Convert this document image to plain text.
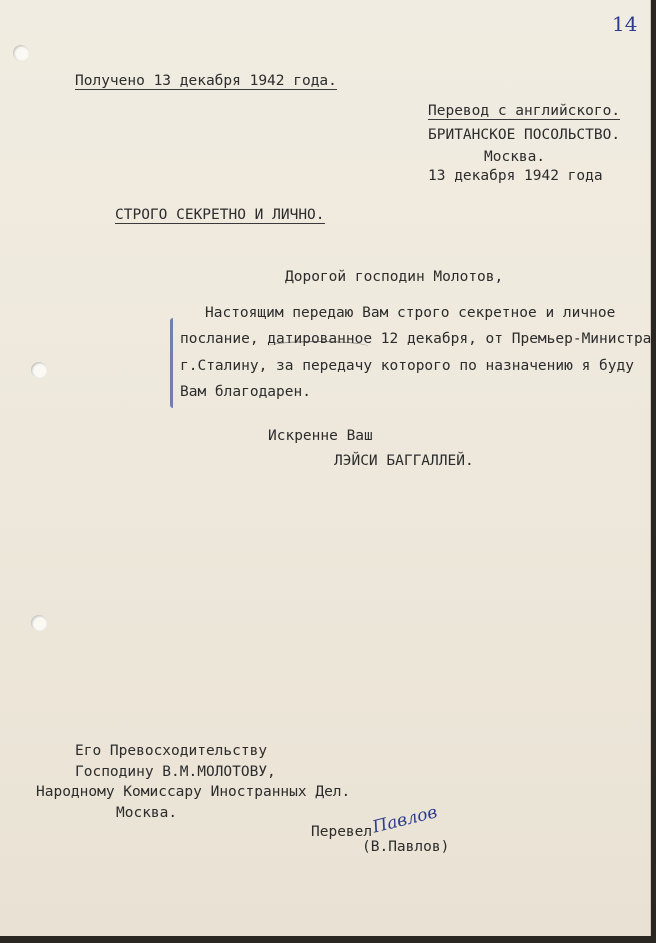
14
Получено 13 декабря 1942 года.
Перевод с английского.
БРИТАНСКОЕ ПОСОЛЬСТВО.
Москва.
13 декабря 1942 года
СТРОГО СЕКРЕТНО И ЛИЧНО.
Дорогой господин Молотов,
Настоящим передаю Вам строго секретное и личное
послание, датированное 12 декабря, от Премьер-Министра
г.Сталину, за передачу которого по назначению я буду
Вам благодарен.
Искренне Ваш
ЛЭЙСИ БАГГАЛЛЕЙ.
Его Превосходительству
Господину В.М.МОЛОТОВУ,
Народному Комиссару Иностранных Дел.
Москва.
Перевел
Павлов
(В.Павлов)
